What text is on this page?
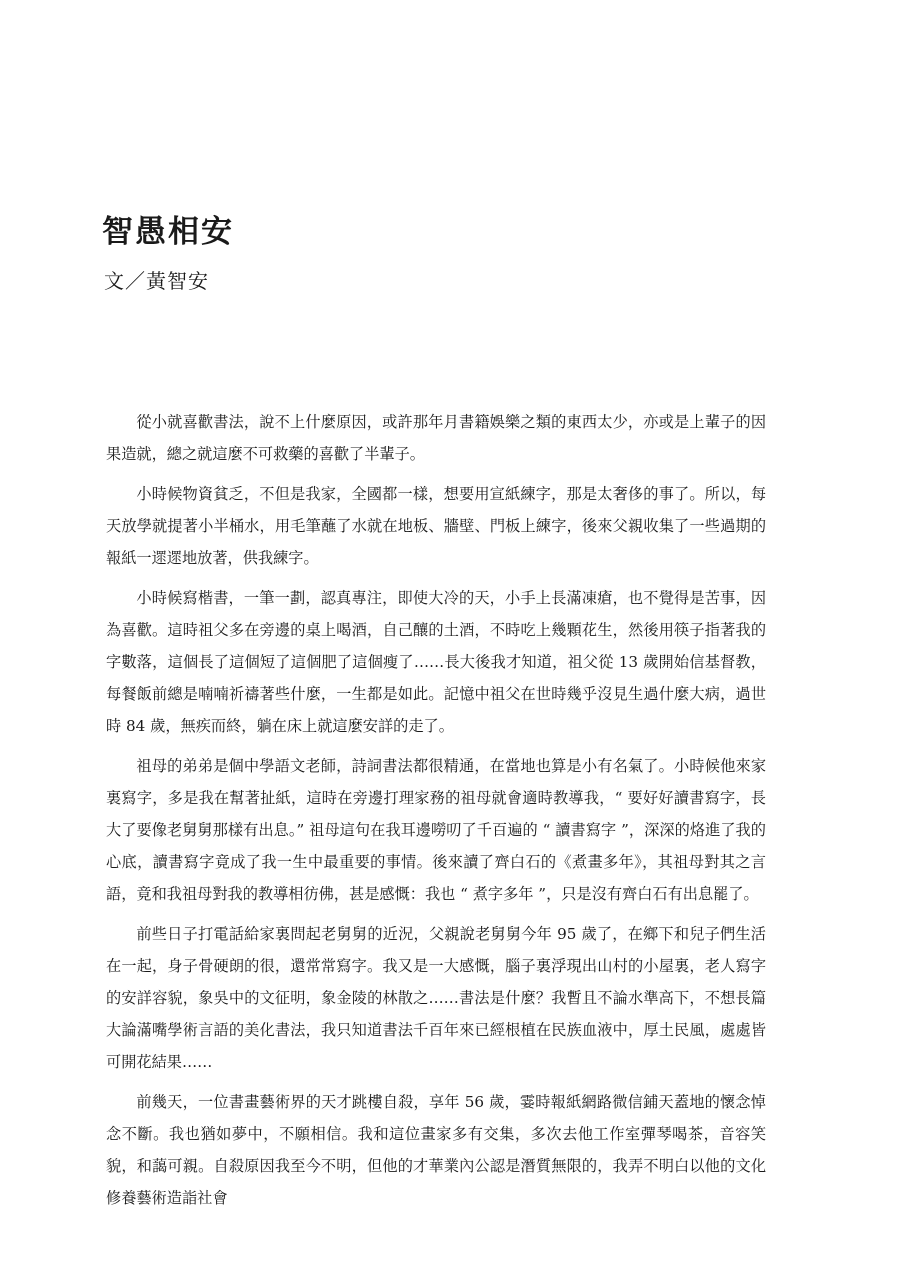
智愚相安

文／黃智安

從小就喜歡書法，說不上什麼原因，或許那年月書籍娛樂之類的東西太少，亦或是上輩子的因果造就，總之就這麼不可救藥的喜歡了半輩子。

小時候物資貧乏，不但是我家，全國都一樣，想要用宣紙練字，那是太奢侈的事了。所以，每天放學就提著小半桶水，用毛筆蘸了水就在地板、牆壁、門板上練字，後來父親收集了一些過期的報紙一遝遝地放著，供我練字。

小時候寫楷書，一筆一劃，認真專注，即使大冷的天，小手上長滿凍瘡，也不覺得是苦事，因為喜歡。這時祖父多在旁邊的桌上喝酒，自己釀的土酒，不時吃上幾顆花生，然後用筷子指著我的字數落，這個長了這個短了這個肥了這個瘦了……長大後我才知道，祖父從 13 歲開始信基督教，每餐飯前總是喃喃祈禱著些什麼，一生都是如此。記憶中祖父在世時幾乎沒見生過什麼大病，過世時 84 歲，無疾而終，躺在床上就這麼安詳的走了。

祖母的弟弟是個中學語文老師，詩詞書法都很精通，在當地也算是小有名氣了。小時候他來家裏寫字，多是我在幫著扯紙，這時在旁邊打理家務的祖母就會適時教導我，“ 要好好讀書寫字，長大了要像老舅舅那樣有出息。” 祖母這句在我耳邊嘮叨了千百遍的 “ 讀書寫字 ”，深深的烙進了我的心底，讀書寫字竟成了我一生中最重要的事情。後來讀了齊白石的《煮畫多年》，其祖母對其之言語，竟和我祖母對我的教導相彷佛，甚是感慨：我也 “ 煮字多年 ”，只是沒有齊白石有出息罷了。

前些日子打電話給家裏問起老舅舅的近況，父親說老舅舅今年 95 歲了，在鄉下和兒子們生活在一起，身子骨硬朗的很，還常常寫字。我又是一大感慨，腦子裏浮現出山村的小屋裏，老人寫字的安詳容貌，象吳中的文征明，象金陵的林散之……書法是什麼？我暫且不論水準高下，不想長篇大論滿嘴學術言語的美化書法，我只知道書法千百年來已經根植在民族血液中，厚土民風，處處皆可開花結果……

前幾天，一位書畫藝術界的天才跳樓自殺，享年 56 歲，霎時報紙網路微信鋪天蓋地的懷念悼念不斷。我也猶如夢中，不願相信。我和這位畫家多有交集，多次去他工作室彈琴喝茶，音容笑貌，和藹可親。自殺原因我至今不明，但他的才華業內公認是潛質無限的，我弄不明白以他的文化修養藝術造詣社會
